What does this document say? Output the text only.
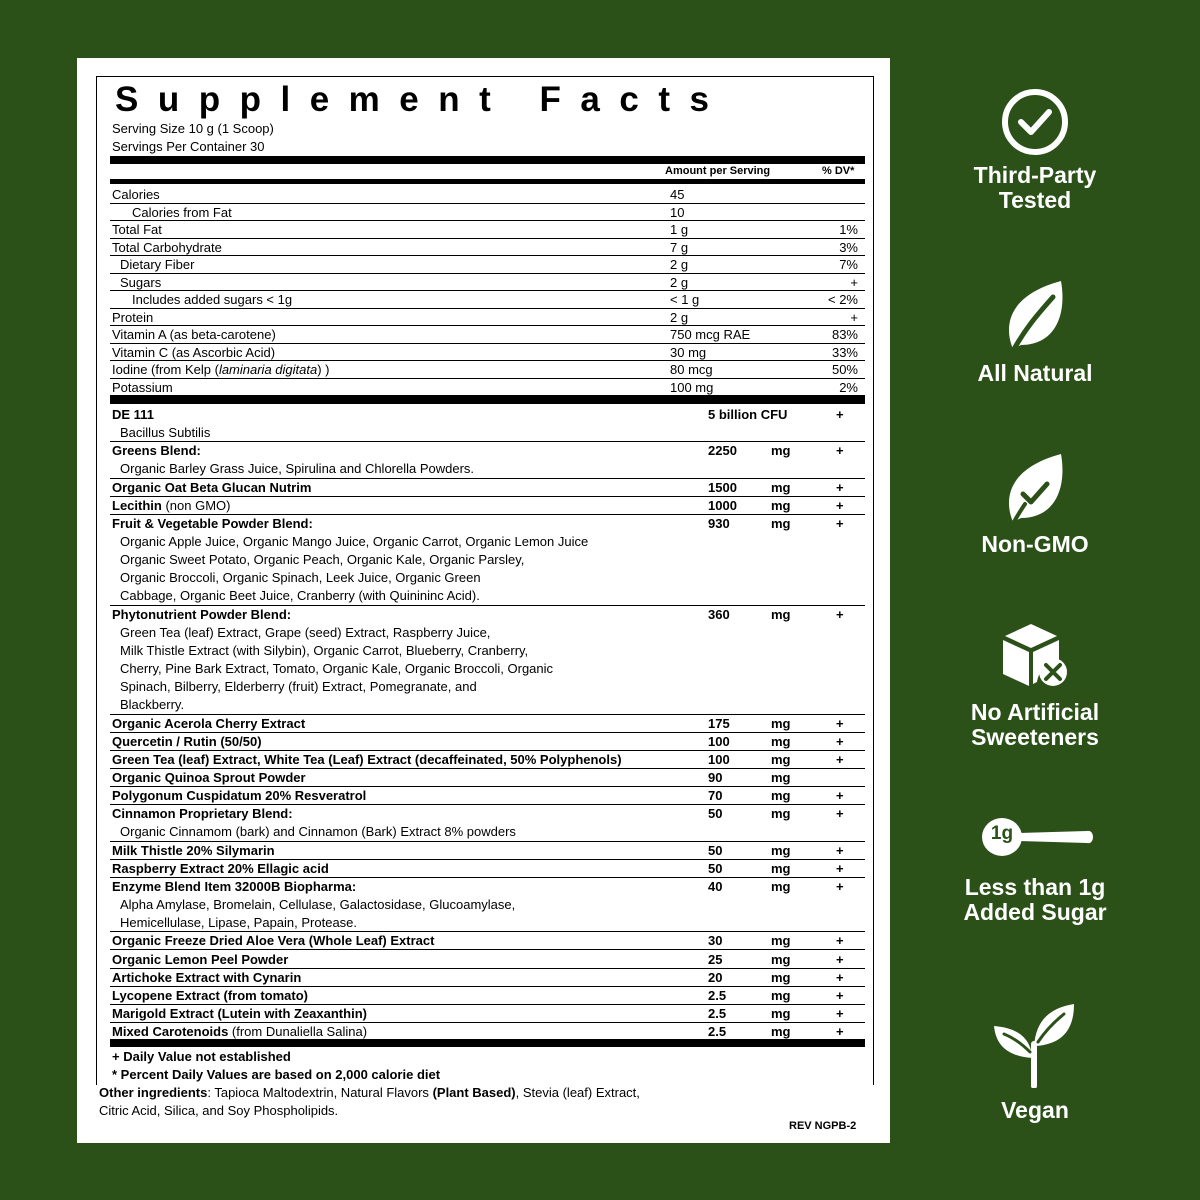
Supplement Facts
Serving Size 10 g (1 Scoop)
Servings Per Container 30
Amount per Serving	% DV*
Calories	45
Calories from Fat	10
Total Fat	1 g	1%
Total Carbohydrate	7 g	3%
Dietary Fiber	2 g	7%
Sugars	2 g	+
Includes added sugars < 1g	< 1 g	< 2%
Protein	2 g	+
Vitamin A (as beta-carotene)	750 mcg RAE	83%
Vitamin C (as Ascorbic Acid)	30 mg	33%
Iodine (from Kelp (laminaria digitata) )	80 mcg	50%
Potassium	100 mg	2%
DE 111	5 billion CFU	+
Bacillus Subtilis
Greens Blend:	2250	mg	+
Organic Barley Grass Juice, Spirulina and Chlorella Powders.
Organic Oat Beta Glucan Nutrim	1500	mg	+
Lecithin (non GMO)	1000	mg	+
Fruit & Vegetable Powder Blend:	930	mg	+
Organic Apple Juice, Organic Mango Juice, Organic Carrot, Organic Lemon Juice
Organic Sweet Potato, Organic Peach, Organic Kale, Organic Parsley,
Organic Broccoli, Organic Spinach, Leek Juice, Organic Green
Cabbage, Organic Beet Juice, Cranberry (with Quinininc Acid).
Phytonutrient Powder Blend:	360	mg	+
Green Tea (leaf) Extract, Grape (seed) Extract, Raspberry Juice,
Milk Thistle Extract (with Silybin), Organic Carrot, Blueberry, Cranberry,
Cherry, Pine Bark Extract, Tomato, Organic Kale, Organic Broccoli, Organic
Spinach, Bilberry, Elderberry (fruit) Extract, Pomegranate, and
Blackberry.
Organic Acerola Cherry Extract	175	mg	+
Quercetin / Rutin (50/50)	100	mg	+
Green Tea (leaf) Extract, White Tea (Leaf) Extract (decaffeinated, 50% Polyphenols)	100	mg	+
Organic Quinoa Sprout Powder	90	mg
Polygonum Cuspidatum 20% Resveratrol	70	mg	+
Cinnamon Proprietary Blend:	50	mg	+
Organic Cinnamom (bark) and Cinnamon (Bark) Extract 8% powders
Milk Thistle 20% Silymarin	50	mg	+
Raspberry Extract 20% Ellagic acid	50	mg	+
Enzyme Blend Item 32000B Biopharma:	40	mg	+
Alpha Amylase, Bromelain, Cellulase, Galactosidase, Glucoamylase,
Hemicellulase, Lipase, Papain, Protease.
Organic Freeze Dried Aloe Vera (Whole Leaf) Extract	30	mg	+
Organic Lemon Peel Powder	25	mg	+
Artichoke Extract with Cynarin	20	mg	+
Lycopene Extract (from tomato)	2.5	mg	+
Marigold Extract (Lutein with Zeaxanthin)	2.5	mg	+
Mixed Carotenoids (from Dunaliella Salina)	2.5	mg	+
+ Daily Value not established
* Percent Daily Values are based on 2,000 calorie diet
Other ingredients: Tapioca Maltodextrin, Natural Flavors (Plant Based), Stevia (leaf) Extract,
Citric Acid, Silica, and Soy Phospholipids.
REV NGPB-2
Third-Party
Tested
All Natural
Non-GMO
No Artificial
Sweeteners
1g
Less than 1g
Added Sugar
Vegan
